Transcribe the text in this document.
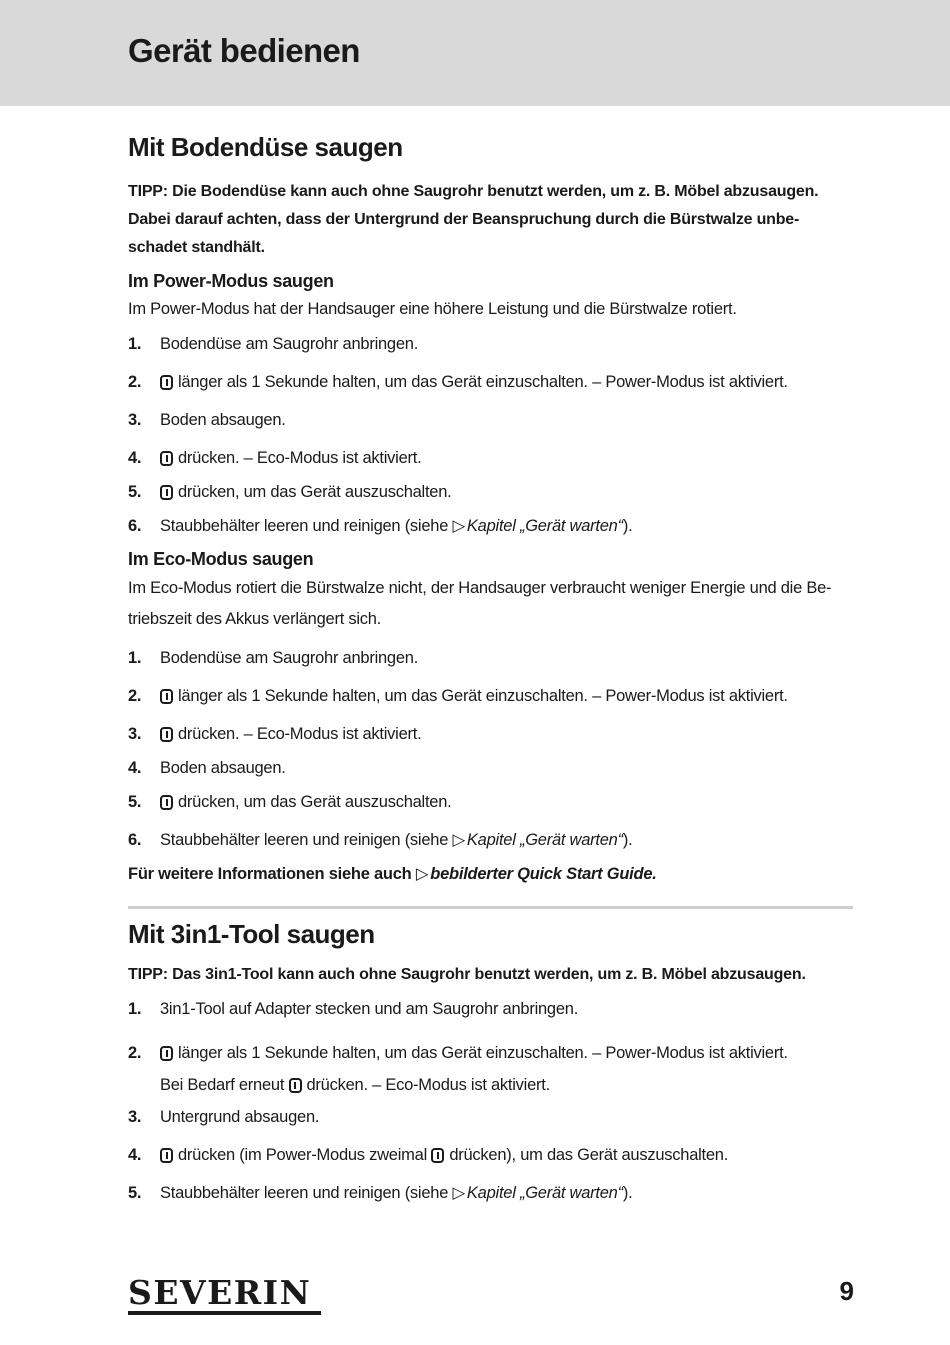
Gerät bedienen
Mit Bodendüse saugen

TIPP: Die Bodendüse kann auch ohne Saugrohr benutzt werden, um z. B. Möbel abzusaugen.

Dabei darauf achten, dass der Untergrund der Beanspruchung durch die Bürstwalze unbe-

schadet standhält.

Im Power-Modus saugen

Im Power-Modus hat der Handsauger eine höhere Leistung und die Bürstwalze rotiert.

1. Bodendüse am Saugrohr anbringen.
2. länger als 1 Sekunde halten, um das Gerät einzuschalten. – Power-Modus ist aktiviert.
3. Boden absaugen.
4. drücken. – Eco-Modus ist aktiviert.
5. drücken, um das Gerät auszuschalten.
6. Staubbehälter leeren und reinigen (siehe ▷ Kapitel „Gerät warten“).
Im Eco-Modus saugen

Im Eco-Modus rotiert die Bürstwalze nicht, der Handsauger verbraucht weniger Energie und die Be-

triebszeit des Akkus verlängert sich.

1. Bodendüse am Saugrohr anbringen.
2. länger als 1 Sekunde halten, um das Gerät einzuschalten. – Power-Modus ist aktiviert.
3. drücken. – Eco-Modus ist aktiviert.
4. Boden absaugen.
5. drücken, um das Gerät auszuschalten.
6. Staubbehälter leeren und reinigen (siehe ▷ Kapitel „Gerät warten“).

Für weitere Informationen siehe auch ▷ bebilderter Quick Start Guide.

Mit 3in1-Tool saugen

TIPP: Das 3in1-Tool kann auch ohne Saugrohr benutzt werden, um z. B. Möbel abzusaugen.

1. 3in1-Tool auf Adapter stecken und am Saugrohr anbringen.
2. länger als 1 Sekunde halten, um das Gerät einzuschalten. – Power-Modus ist aktiviert.
Bei Bedarf erneut drücken. – Eco-Modus ist aktiviert.
3. Untergrund absaugen.
4. drücken (im Power-Modus zweimal drücken), um das Gerät auszuschalten.
5. Staubbehälter leeren und reinigen (siehe ▷ Kapitel „Gerät warten“).
SEVERIN	9
